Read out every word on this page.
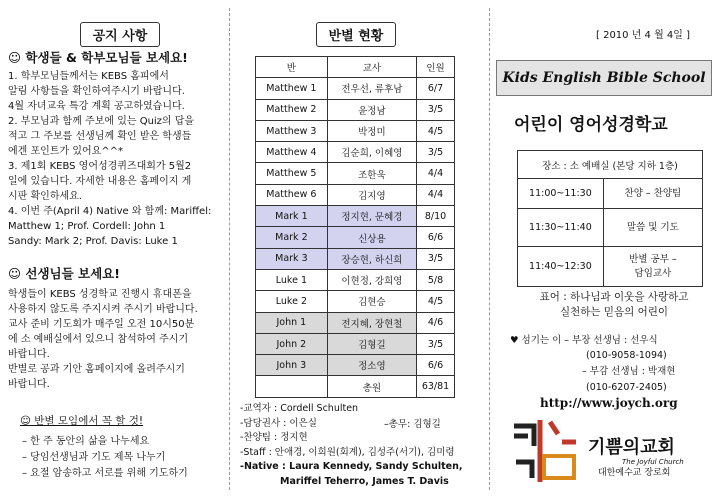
공지 사항
☺ 학생들 & 학부모님들 보세요!
1. 학부모님들께서는 KEBS 홈피에서
알림 사항들을 확인하여주시기 바랍니다.
4월 자녀교육 특강 계획 공고하였습니다.
2. 부모님과 함께 주보에 있는 Quiz의 답을
적고 그 주보를 선생님께 확인 받은 학생들
에겐 포인트가 있어요^^*
3. 제1회 KEBS 영어성경퀴즈대회가 5월2
일에 있습니다. 자세한 내용은 홈페이지 게
시판 확인하세요.
4. 이번 주(April 4) Native 와 함께: Mariffel:
Matthew 1; Prof. Cordell: John 1
Sandy: Mark 2; Prof. Davis: Luke 1
☺ 선생님들 보세요!
학생들이 KEBS 성경학교 진행시 휴대폰을
사용하지 않도록 주지시켜 주시기 바랍니다.
교사 준비 기도회가 매주일 오전 10시50분
에 소 예배실에서 있으니 참석하여 주시기
바랍니다.
반별로 공과 기안 홈페이지에 올려주시기
바랍니다.
☺ 반별 모임에서 꼭 할 것!
– 한 주 동안의 삶을 나누세요
– 당임선생님과 기도 제목 나누기
– 요절 암송하고 서로를 위해 기도하기
반별 현황
반	교사	인원
Matthew 1	전우선, 류후남	6/7
Matthew 2	윤정남	3/5
Matthew 3	박정미	4/5
Matthew 4	김순희, 이혜영	3/5
Matthew 5	조한욱	4/4
Matthew 6	김지영	4/4
Mark 1	정지현, 문혜경	8/10
Mark 2	신상용	6/6
Mark 3	장승현, 하신희	3/5
Luke 1	이현정, 강희영	5/8
Luke 2	김현승	4/5
John 1	전지혜, 장현철	4/6
John 2	김형길	3/5
John 3	정소영	6/6
	총원	63/81
-교역자 : Cordell Schulten
-담당권사 : 이은실
-찬양팀 : 정지현
-Staff : 안애경, 이희원(회계), 김성주(서기), 김미령
-Native : Laura Kennedy, Sandy Schulten,
Mariffel Teherro, James T. Davis
–총무: 김형길
[ 2010 년 4 월 4일 ]
Kids English Bible School
어린이 영어성경학교
장소 : 소 예배실 (본당 지하 1층)	
11:00~11:30	찬양 – 찬양팀
11:30~11:40	말씀 및 기도
11:40~12:30	반별 공부 –
담임교사
표어 : 하나님과 이웃을 사랑하고
실천하는 믿음의 어린이
♥ 섬기는 이 – 부장 선생님 : 선우식
(010-9058-1094)
– 부감 선생님 : 박재현
(010-6207-2405)
http://www.joych.org
기쁨의교회
The Joyful Church
대한예수교 장로회
